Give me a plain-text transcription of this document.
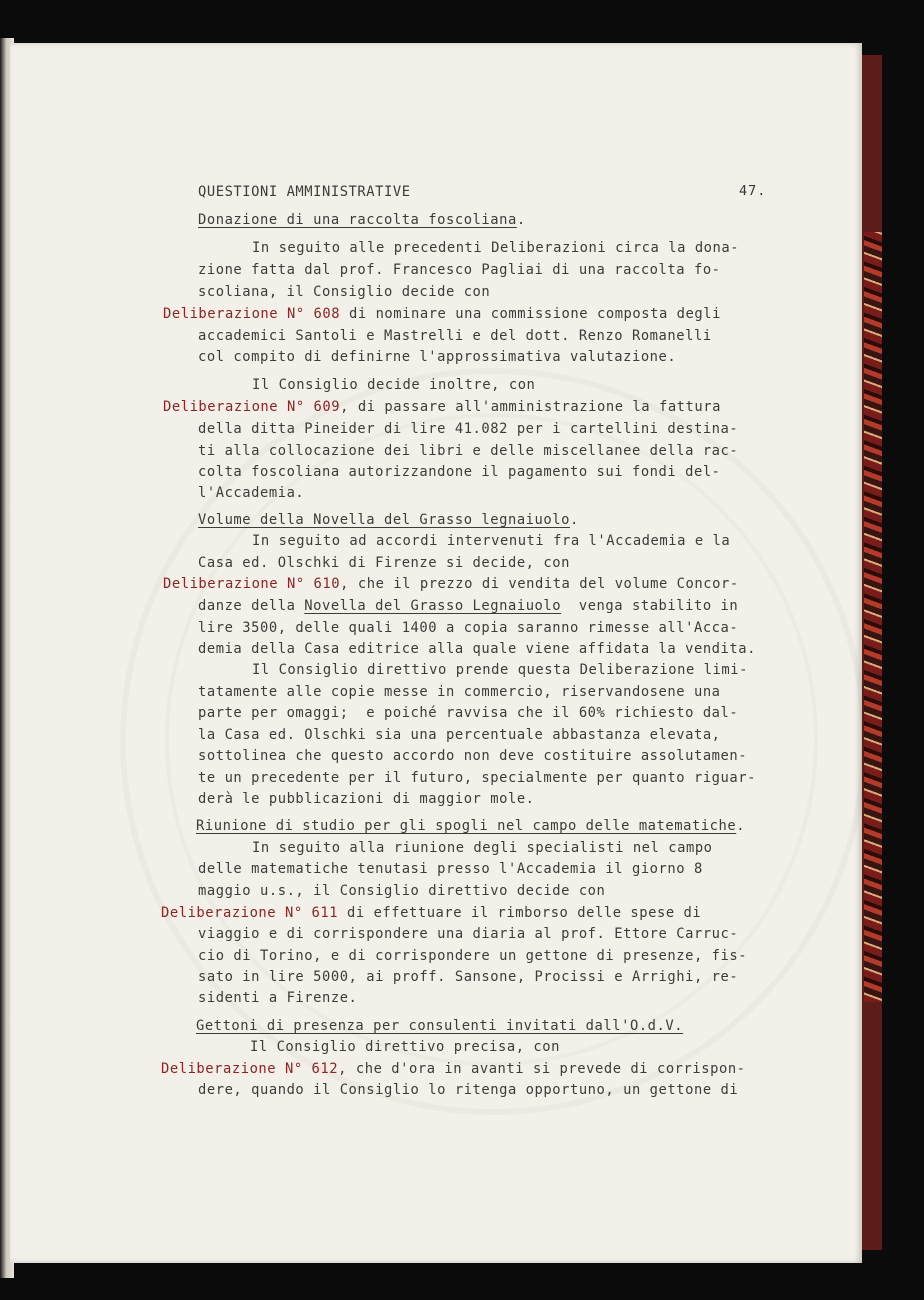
47.
QUESTIONI AMMINISTRATIVE
Donazione di una raccolta foscoliana.
In seguito alle precedenti Deliberazioni circa la dona-
zione fatta dal prof. Francesco Pagliai di una raccolta fo-
scoliana, il Consiglio decide con
Deliberazione N° 608 di nominare una commissione composta degli
accademici Santoli e Mastrelli e del dott. Renzo Romanelli
col compito di definirne l'approssimativa valutazione.
Il Consiglio decide inoltre, con
Deliberazione N° 609, di passare all'amministrazione la fattura
della ditta Pineider di lire 41.082 per i cartellini destina-
ti alla collocazione dei libri e delle miscellanee della rac-
colta foscoliana autorizzandone il pagamento sui fondi del-
l'Accademia.
Volume della Novella del Grasso legnaiuolo.
In seguito ad accordi intervenuti fra l'Accademia e la
Casa ed. Olschki di Firenze si decide, con
Deliberazione N° 610, che il prezzo di vendita del volume Concor-
danze della Novella del Grasso Legnaiuolo  venga stabilito in
lire 3500, delle quali 1400 a copia saranno rimesse all'Acca-
demia della Casa editrice alla quale viene affidata la vendita.
Il Consiglio direttivo prende questa Deliberazione limi-
tatamente alle copie messe in commercio, riservandosene una
parte per omaggi;  e poiché ravvisa che il 60% richiesto dal-
la Casa ed. Olschki sia una percentuale abbastanza elevata,
sottolinea che questo accordo non deve costituire assolutamen-
te un precedente per il futuro, specialmente per quanto riguar-
derà le pubblicazioni di maggior mole.
Riunione di studio per gli spogli nel campo delle matematiche.
In seguito alla riunione degli specialisti nel campo
delle matematiche tenutasi presso l'Accademia il giorno 8
maggio u.s., il Consiglio direttivo decide con
Deliberazione N° 611 di effettuare il rimborso delle spese di
viaggio e di corrispondere una diaria al prof. Ettore Carruc-
cio di Torino, e di corrispondere un gettone di presenze, fis-
sato in lire 5000, ai proff. Sansone, Procissi e Arrighi, re-
sidenti a Firenze.
Gettoni di presenza per consulenti invitati dall'O.d.V.
Il Consiglio direttivo precisa, con
Deliberazione N° 612, che d'ora in avanti si prevede di corrispon-
dere, quando il Consiglio lo ritenga opportuno, un gettone di
